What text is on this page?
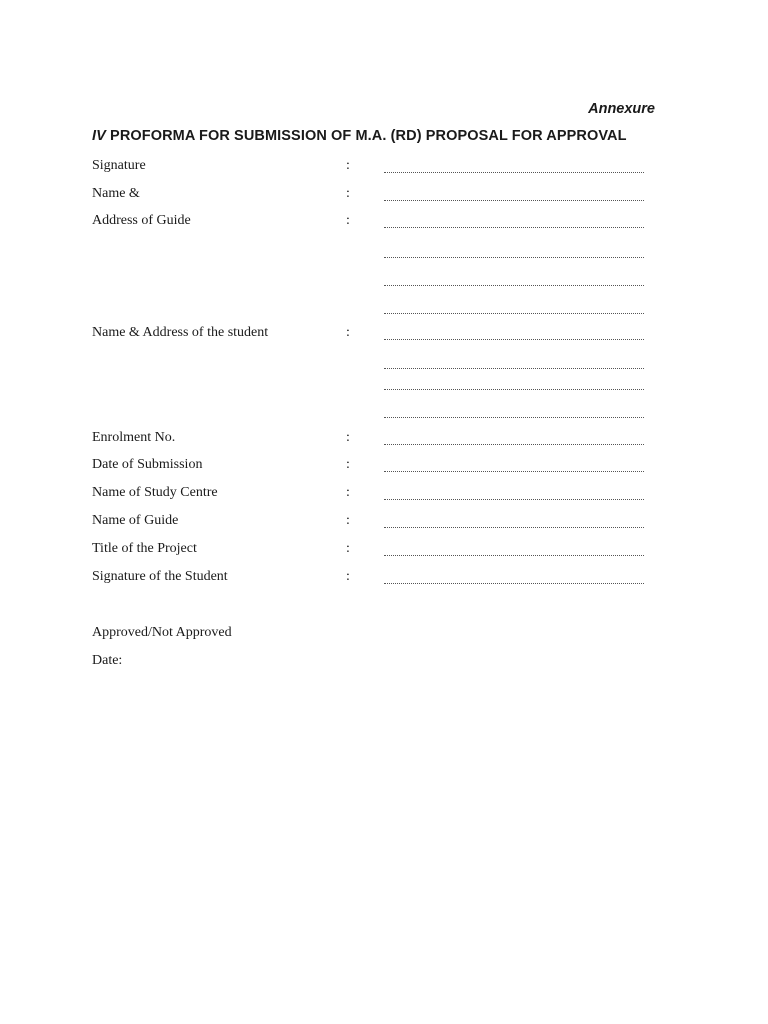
Annexure
IV PROFORMA FOR SUBMISSION OF M.A. (RD) PROPOSAL FOR APPROVAL
Signature	:
Name &	:
Address of Guide	:
Name & Address of the student	:
Enrolment No.	:
Date of Submission	:
Name of Study Centre	:
Name of Guide	:
Title of the Project	:
Signature of the Student	:
Approved/Not Approved
Date:
